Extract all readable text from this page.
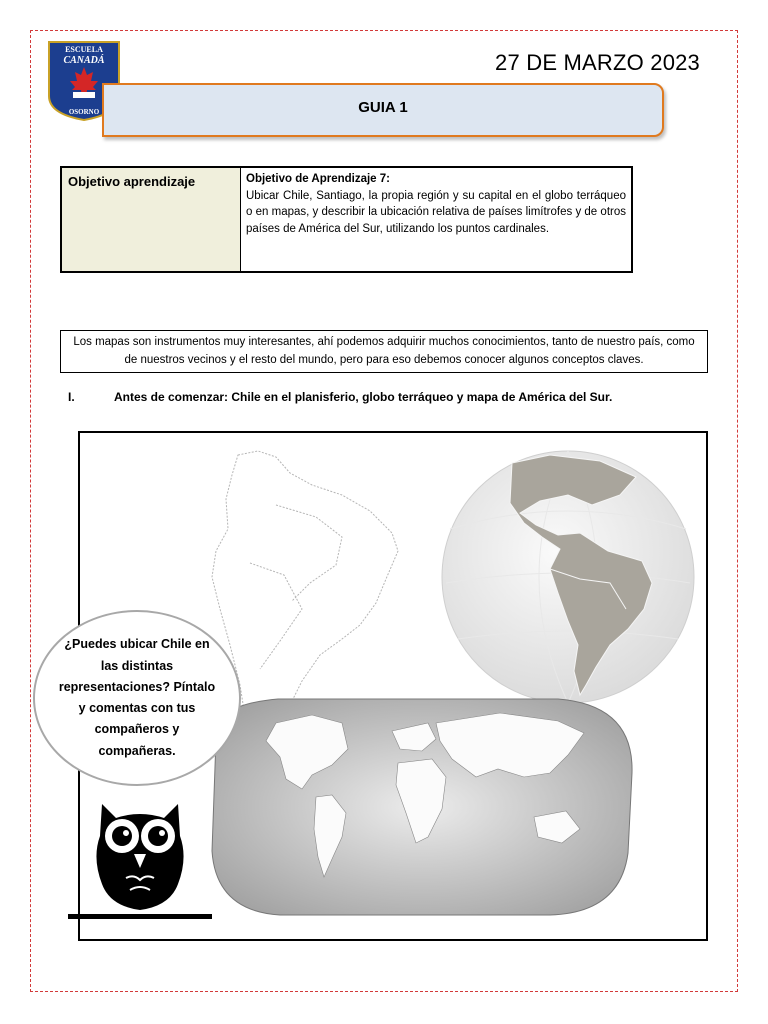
ESCUELA
CANADÁ
OSORNO
27 DE MARZO 2023
GUIA 1
Objetivo aprendizaje	Objetivo de Aprendizaje 7:
Ubicar Chile, Santiago, la propia región y su capital en el globo terráqueo o en mapas, y describir la ubicación relativa de países limítrofes y de otros países de América del Sur, utilizando los puntos cardinales.
Los mapas son instrumentos muy interesantes, ahí podemos adquirir muchos conocimientos, tanto de nuestro país, como de nuestros vecinos y el resto del mundo, pero para eso debemos conocer algunos conceptos claves.
I.	Antes de comenzar: Chile en el planisferio, globo terráqueo y mapa de América del Sur.
¿Puedes ubicar Chile en las distintas representaciones? Píntalo y comentas con tus compañeros y compañeras.
